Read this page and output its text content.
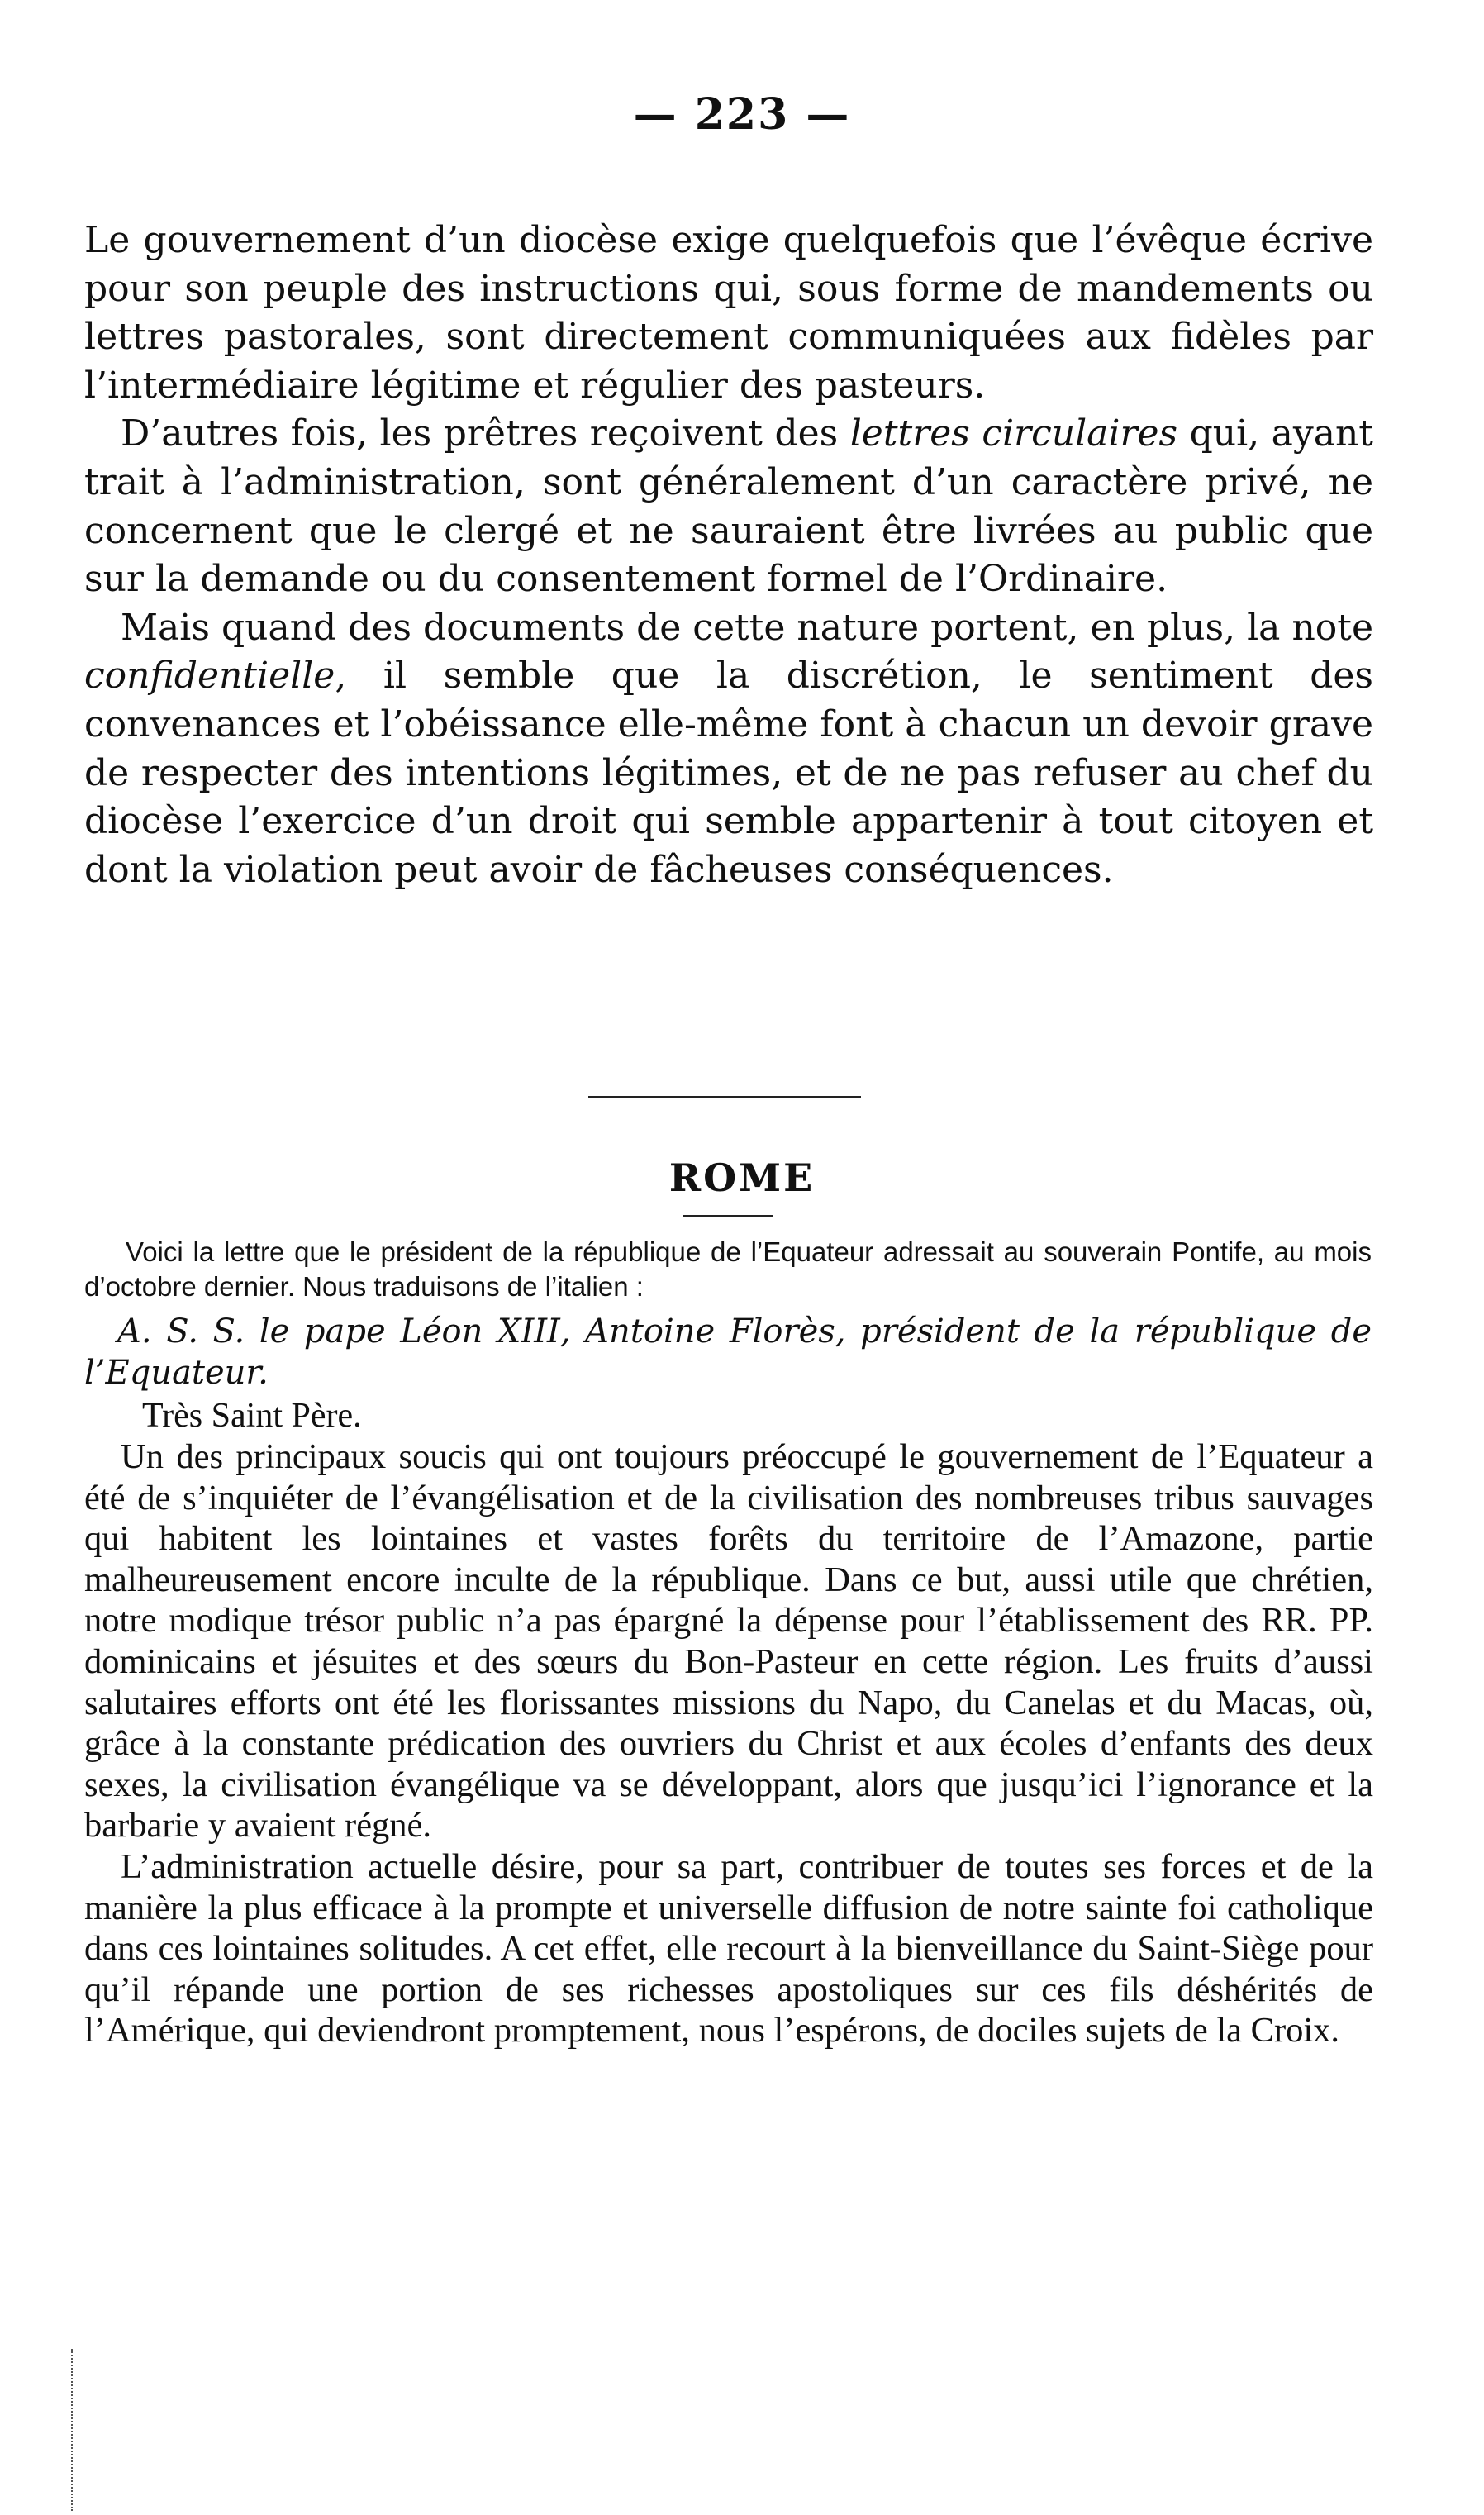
— 223 —

Le gouvernement d’un diocèse exige quelquefois que l’évêque écrive pour son peuple des instructions qui, sous forme de mandements ou lettres pastorales, sont directement communiquées aux fidèles par l’intermédiaire légitime et régulier des pasteurs.

D’autres fois, les prêtres reçoivent des lettres circulaires qui, ayant trait à l’administration, sont généralement d’un caractère privé, ne concernent que le clergé et ne sauraient être livrées au public que sur la demande ou du consentement formel de l’Ordinaire.

Mais quand des documents de cette nature portent, en plus, la note confidentielle, il semble que la discrétion, le sentiment des convenances et l’obéissance elle-même font à chacun un devoir grave de respecter des intentions légitimes, et de ne pas refuser au chef du diocèse l’exercice d’un droit qui semble appartenir à tout citoyen et dont la violation peut avoir de fâcheuses conséquences.

ROME
Voici la lettre que le président de la république de l’Equateur adressait au souverain Pontife, au mois d’octobre dernier. Nous traduisons de l’italien :
A. S. S. le pape Léon XIII, Antoine Florès, président de la république de l’Equateur.
Très Saint Père.

Un des principaux soucis qui ont toujours préoccupé le gouvernement de l’Equateur a été de s’inquiéter de l’évangélisation et de la civilisation des nombreuses tribus sauvages qui habitent les lointaines et vastes forêts du territoire de l’Amazone, partie malheureusement encore inculte de la république. Dans ce but, aussi utile que chrétien, notre modique trésor public n’a pas épargné la dépense pour l’établissement des RR. PP. dominicains et jésuites et des sœurs du Bon-Pasteur en cette région. Les fruits d’aussi salutaires efforts ont été les florissantes missions du Napo, du Canelas et du Macas, où, grâce à la constante prédication des ouvriers du Christ et aux écoles d’enfants des deux sexes, la civilisation évangélique va se développant, alors que jusqu’ici l’ignorance et la barbarie y avaient régné.

L’administration actuelle désire, pour sa part, contribuer de toutes ses forces et de la manière la plus efficace à la prompte et universelle diffusion de notre sainte foi catholique dans ces lointaines solitudes. A cet effet, elle recourt à la bienveillance du Saint-Siège pour qu’il répande une portion de ses richesses apostoliques sur ces fils déshérités de l’Amérique, qui deviendront promptement, nous l’espérons, de dociles sujets de la Croix.
